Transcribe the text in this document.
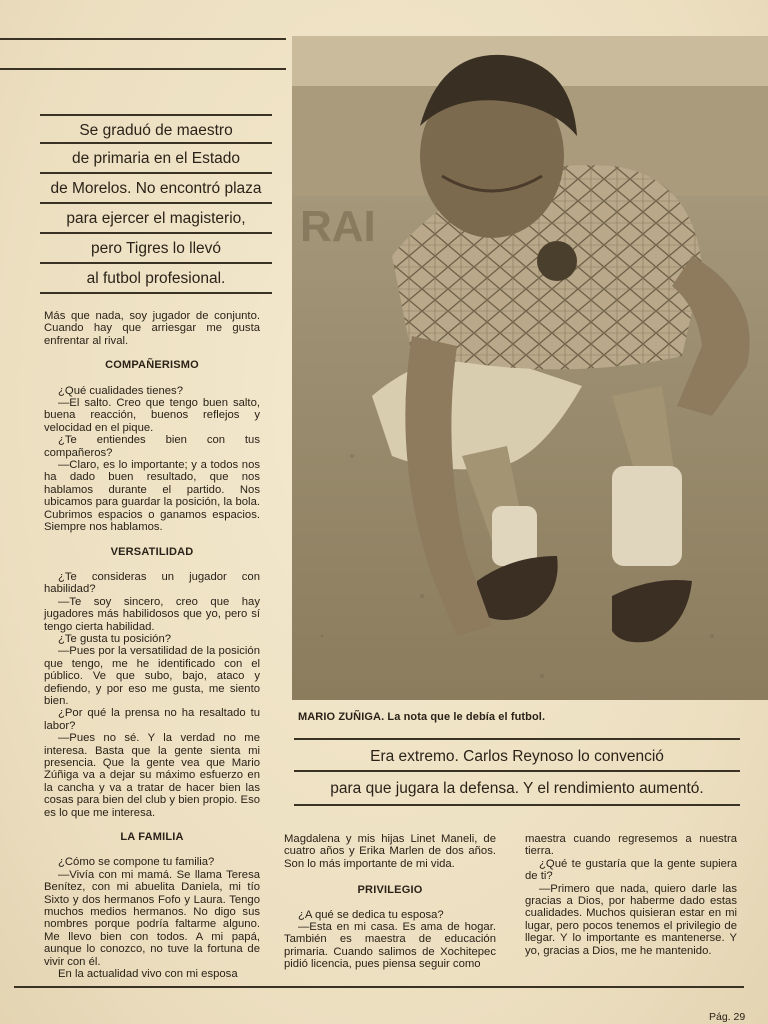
Se graduó de maestro
de primaria en el Estado
de Morelos. No encontró plaza
para ejercer el magisterio,
pero Tigres lo llevó
al futbol profesional.

Más que nada, soy jugador de conjunto. Cuando hay que arriesgar me gusta enfrentar al rival.

COMPAÑERISMO

¿Qué cualidades tienes?

—El salto. Creo que tengo buen salto, buena reacción, buenos reflejos y velocidad en el pique.

¿Te entiendes bien con tus compañeros?

—Claro, es lo importante; y a todos nos ha dado buen resultado, que nos hablamos durante el partido. Nos ubicamos para guardar la posición, la bola. Cubrimos espacios o ganamos espacios. Siempre nos hablamos.

VERSATILIDAD

¿Te consideras un jugador con habilidad?

—Te soy sincero, creo que hay jugadores más habilidosos que yo, pero sí tengo cierta habilidad.

¿Te gusta tu posición?

—Pues por la versatilidad de la posición que tengo, me he identificado con el público. Ve que subo, bajo, ataco y defiendo, y por eso me gusta, me siento bien.

¿Por qué la prensa no ha resaltado tu labor?

—Pues no sé. Y la verdad no me interesa. Basta que la gente sienta mi presencia. Que la gente vea que Mario Zúñiga va a dejar su máximo esfuerzo en la cancha y va a tratar de hacer bien las cosas para bien del club y bien propio. Eso es lo que me interesa.

LA FAMILIA

¿Cómo se compone tu familia?

—Vivía con mi mamá. Se llama Teresa Benítez, con mi abuelita Daniela, mi tío Sixto y dos hermanos Fofo y Laura. Tengo muchos medios hermanos. No digo sus nombres porque podría faltarme alguno. Me llevo bien con todos. A mi papá, aunque lo conozco, no tuve la fortuna de vivir con él.

En la actualidad vivo con mi esposa

RAI
MARIO ZUÑIGA. La nota que le debía el futbol.
Era extremo. Carlos Reynoso lo convenció
para que jugara la defensa. Y el rendimiento aumentó.

Magdalena y mis hijas Linet Maneli, de cuatro años y Erika Marlen de dos años. Son lo más importante de mi vida.

PRIVILEGIO

¿A qué se dedica tu esposa?

—Esta en mi casa. Es ama de hogar. También es maestra de educación primaria. Cuando salimos de Xochitepec pidió licencia, pues piensa seguir como

maestra cuando regresemos a nuestra tierra.

¿Qué te gustaría que la gente supiera de ti?

—Primero que nada, quiero darle las gracias a Dios, por haberme dado estas cualidades. Muchos quisieran estar en mi lugar, pero pocos tenemos el privilegio de llegar. Y lo importante es mantenerse. Y yo, gracias a Dios, me he mantenido.

Pág. 29
